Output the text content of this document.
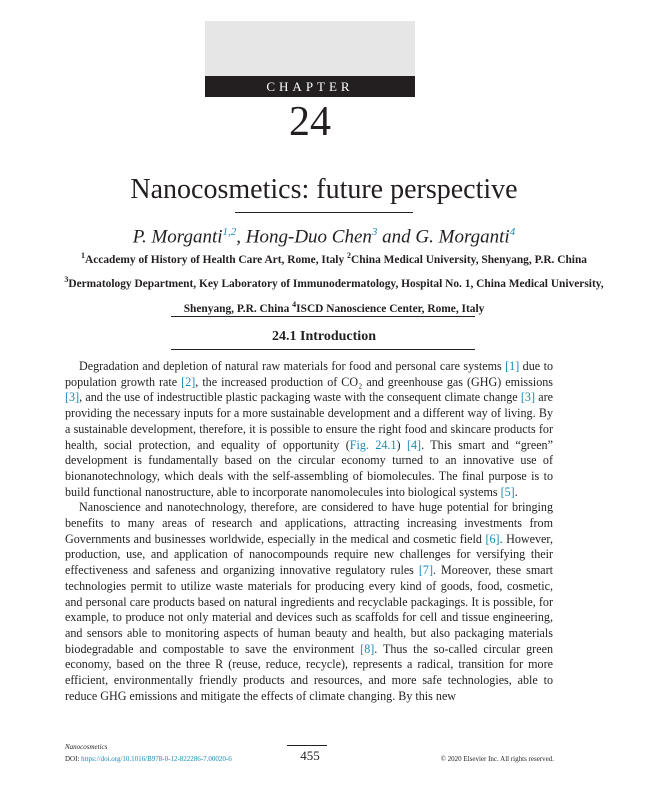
CHAPTER
24
Nanocosmetics: future perspective
P. Morganti$^{1,2}$, Hong-Duo Chen$^3$ and G. Morganti$^4$
$^1$Accademy of History of Health Care Art, Rome, Italy $^2$China Medical University, Shenyang, P.R. China $^3$Dermatology Department, Key Laboratory of Immunodermatology, Hospital No. 1, China Medical University, Shenyang, P.R. China $^4$ISCD Nanoscience Center, Rome, Italy
24.1 Introduction

Degradation and depletion of natural raw materials for food and personal care systems [1] due to population growth rate [2], the increased production of CO₂ and greenhouse gas (GHG) emissions [3], and the use of indestructible plastic packaging waste with the consequent climate change [3] are providing the necessary inputs for a more sustainable development and a different way of living. By a sustainable development, therefore, it is possible to ensure the right food and skincare products for health, social protection, and equality of opportunity (Fig. 24.1) [4]. This smart and “green” development is fundamentally based on the circular economy turned to an innovative use of bionanotechnology, which deals with the self-assembling of biomolecules. The final purpose is to build functional nanostructure, able to incorporate nanomolecules into biological systems [5].

Nanoscience and nanotechnology, therefore, are considered to have huge potential for bringing benefits to many areas of research and applications, attracting increasing investments from Governments and businesses worldwide, especially in the medical and cosmetic field [6]. However, production, use, and application of nanocompounds require new challenges for versifying their effectiveness and safeness and organizing innovative regulatory rules [7]. Moreover, these smart technologies permit to utilize waste materials for producing every kind of goods, food, cosmetic, and personal care products based on natural ingredients and recyclable packagings. It is possible, for example, to produce not only material and devices such as scaffolds for cell and tissue engineering, and sensors able to monitoring aspects of human beauty and health, but also packaging materials biodegradable and compostable to save the environment [8]. Thus the so-called circular green economy, based on the three R (reuse, reduce, recycle), represents a radical, transition for more efficient, environmentally friendly products and resources, and more safe technologies, able to reduce GHG emissions and mitigate the effects of climate changing. By this new

Nanocosmetics
DOI: https://doi.org/10.1016/B978-0-12-822286-7.00020-6	455	© 2020 Elsevier Inc. All rights reserved.
